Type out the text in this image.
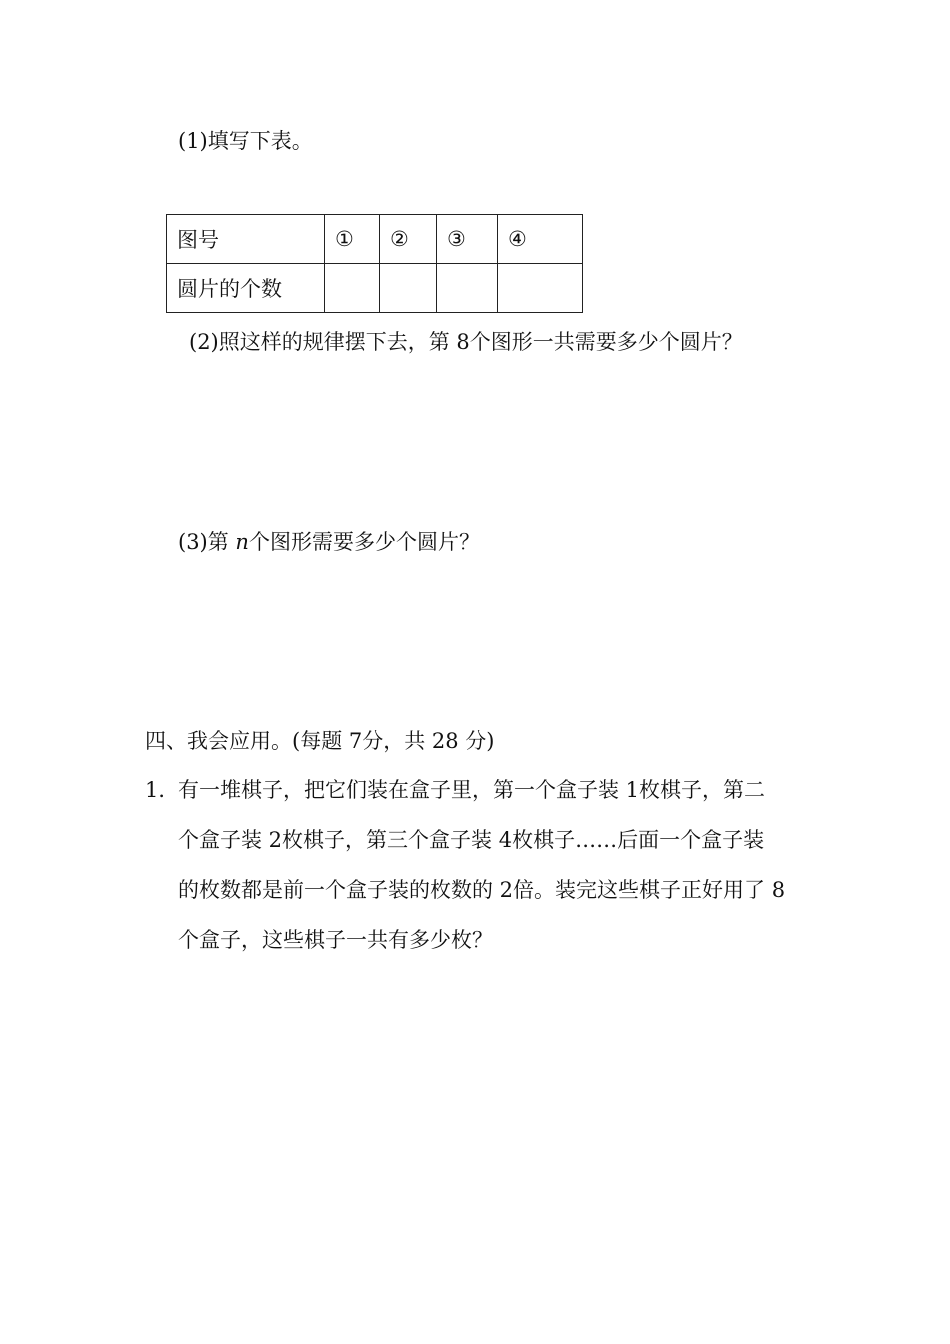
(1)填写下表。
图号	①	②	③	④
圆片的个数				
(2)照这样的规律摆下去，第 8个图形一共需要多少个圆片？
(3)第 n个图形需要多少个圆片？
四、我会应用。(每题 7分，共 28 分)
1．
有一堆棋子，把它们装在盒子里，第一个盒子装 1枚棋子，第二
个盒子装 2枚棋子，第三个盒子装 4枚棋子……后面一个盒子装
的枚数都是前一个盒子装的枚数的 2倍。装完这些棋子正好用了 8
个盒子，这些棋子一共有多少枚？
